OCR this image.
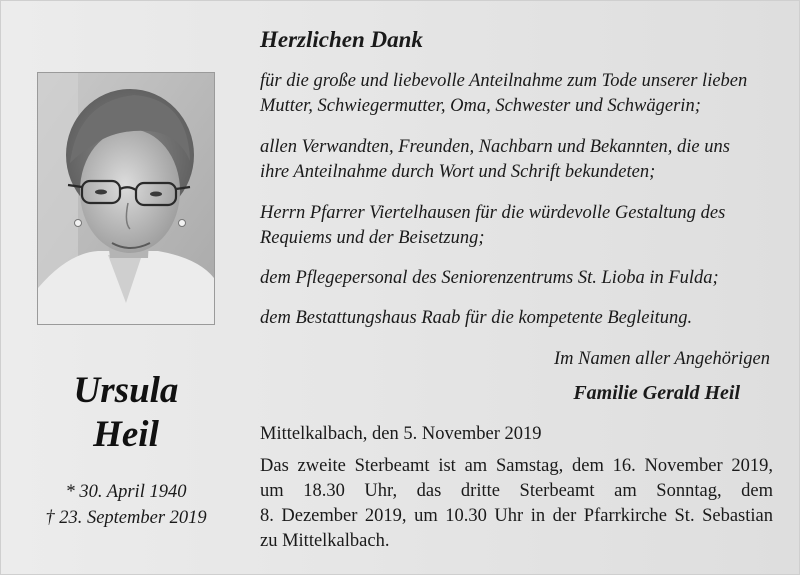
Ursula
Heil
* 30. April 1940
† 23. September 2019
Herzlichen Dank
für die große und liebevolle Anteilnahme zum Tode unserer lieben
Mutter, Schwiegermutter, Oma, Schwester und Schwägerin;
allen Verwandten, Freunden, Nachbarn und Bekannten, die uns
ihre Anteilnahme durch Wort und Schrift bekundeten;
Herrn Pfarrer Viertelhausen für die würdevolle Gestaltung des
Requiems und der Beisetzung;
dem Pflegepersonal des Seniorenzentrums St. Lioba in Fulda;
dem Bestattungshaus Raab für die kompetente Begleitung.
Im Namen aller Angehörigen
Familie Gerald Heil
Mittelkalbach, den 5. November 2019
Das zweite Sterbeamt ist am Samstag, dem 16. November 2019,
um 18.30 Uhr, das dritte Sterbeamt am Sonntag, dem
8. Dezember 2019, um 10.30 Uhr in der Pfarrkirche St. Sebastian
zu Mittelkalbach.
